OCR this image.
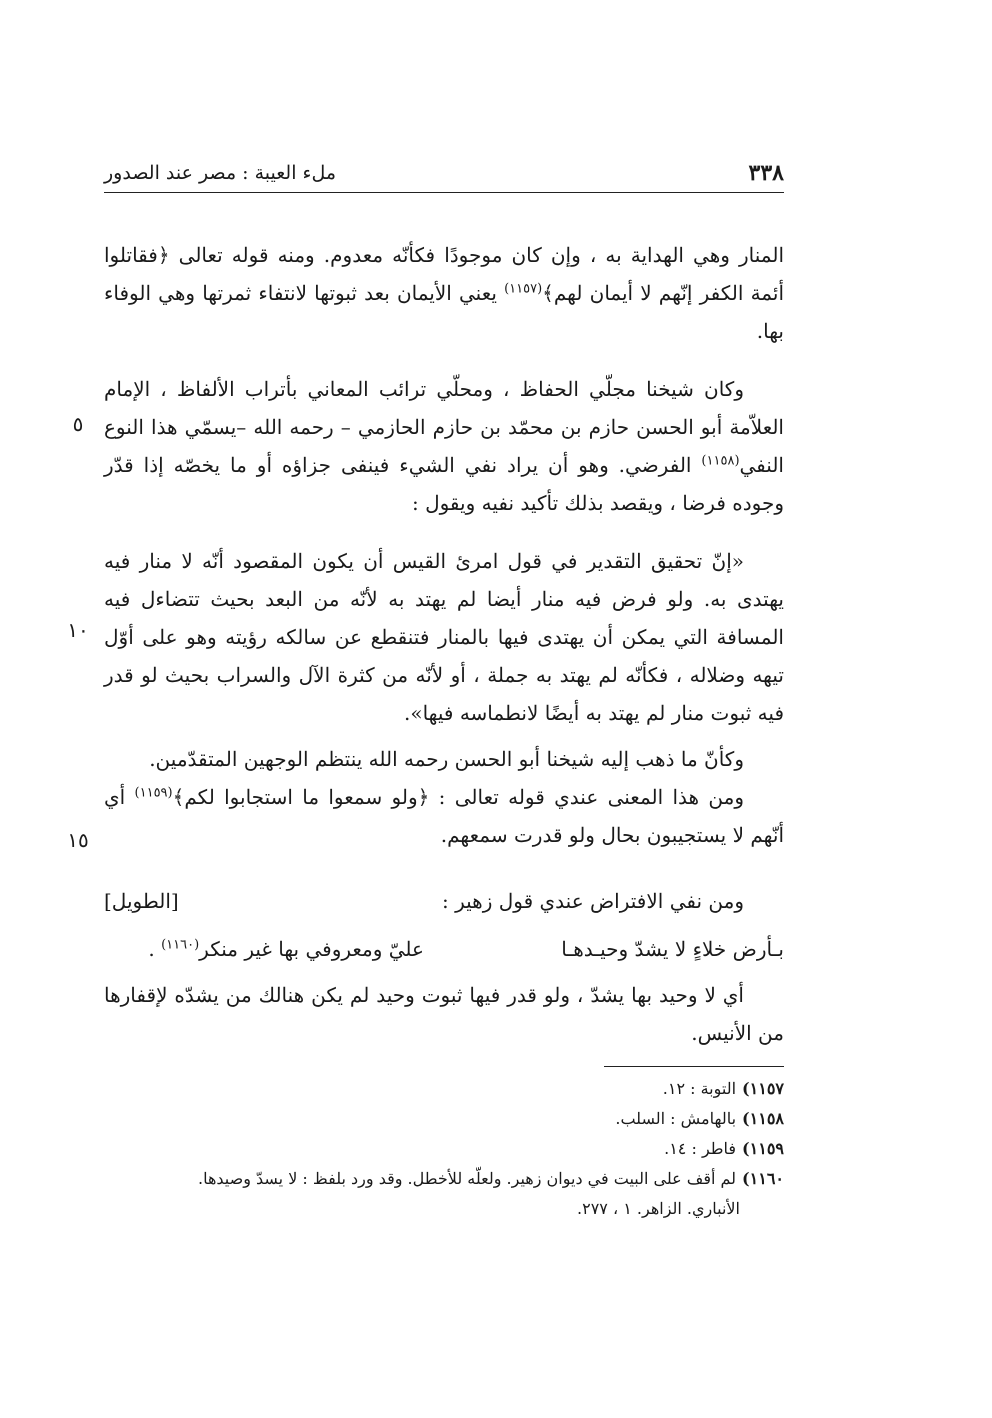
٣٣٨
ملء العيبة : مصر عند الصدور
المنار وهي الهداية به ، وإن كان موجودًا فكأنّه معدوم. ومنه قوله تعالى ﴿فقاتلوا أئمة الكفر إنّهم لا أيمان لهم﴾$^{(١١٥٧)}$ يعني الأيمان بعد ثبوتها لانتفاء ثمرتها وهي الوفاء بها.
وكان شيخنا مجلّي الحفاظ ، ومحلّي ترائب المعاني بأتراب الألفاظ ، الإمام العلاّمة أبو الحسن حازم بن محمّد بن حازم الحازمي – رحمه الله –يسمّي هذا النوع النفي$^{(١١٥٨)}$ الفرضي. وهو أن يراد نفي الشيء فينفى جزاؤه أو ما يخصّه إذا قدّر وجوده فرضا ، ويقصد بذلك تأكيد نفيه ويقول :
«إنّ تحقيق التقدير في قول امرئ القيس أن يكون المقصود أنّه لا منار فيه يهتدى به. ولو فرض فيه منار أيضا لم يهتد به لأنّه من البعد بحيث تتضاءل فيه المسافة التي يمكن أن يهتدى فيها بالمنار فتنقطع عن سالكه رؤيته وهو على أوّل تيهه وضلاله ، فكأنّه لم يهتد به جملة ، أو لأنّه من كثرة الآل والسراب بحيث لو قدر فيه ثبوت منار لم يهتد به أيضًا لانطماسه فيها».
وكأنّ ما ذهب إليه شيخنا أبو الحسن رحمه الله ينتظم الوجهين المتقدّمين.
ومن هذا المعنى عندي قوله تعالى : ﴿ولو سمعوا ما استجابوا لكم﴾$^{(١١٥٩)}$ أي أنّهم لا يستجيبون بحال ولو قدرت سمعهم.
ومن نفي الافتراض عندي قول زهير :
[الطويل]
بـأرض خلاءٍ لا يشدّ وحيـدهـا
عليّ ومعروفي بها غير منكر$^{(١١٦٠)}$ .
أي لا وحيد بها يشدّ ، ولو قدر فيها ثبوت وحيد لم يكن هنالك من يشدّه لإقفارها من الأنيس.
٥
١٠
١٥

١١٥٧)التوبة : ١٢.

١١٥٨)بالهامش : السلب.

١١٥٩)فاطر : ١٤.

١١٦٠)لم أقف على البيت في ديوان زهير. ولعلّه للأخطل. وقد ورد بلفظ : لا يسدّ وصيدها.
الأنباري. الزاهر. ١ ، ٢٧٧.
